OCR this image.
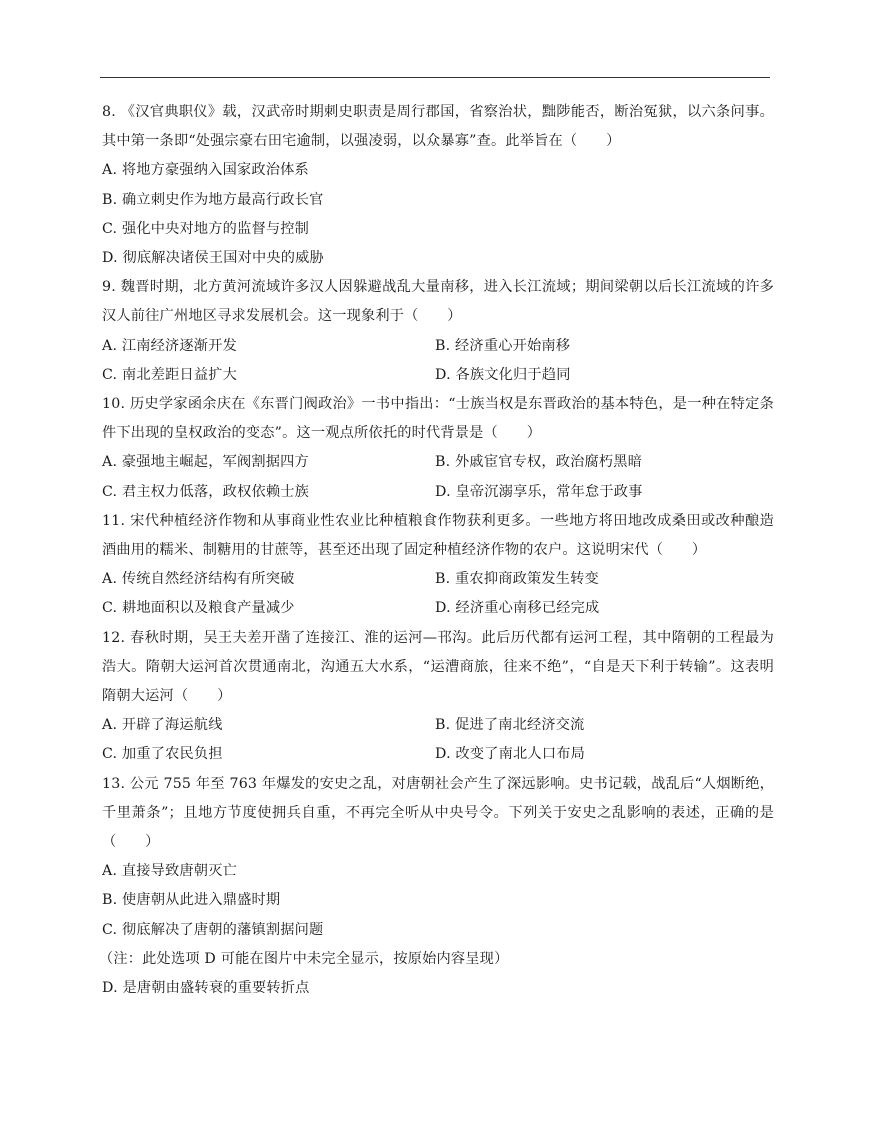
8. 《汉官典职仪》载，汉武帝时期刺史职责是周行郡国，省察治状，黜陟能否，断治冤狱，以六条问事。其中第一条即“处强宗豪右田宅逾制，以强凌弱，以众暴寡”查。此举旨在（　　）

A. 将地方豪强纳入国家政治体系

B. 确立刺史作为地方最高行政长官

C. 强化中央对地方的监督与控制

D. 彻底解决诸侯王国对中央的威胁

9. 魏晋时期，北方黄河流域许多汉人因躲避战乱大量南移，进入长江流域；期间梁朝以后长江流域的许多汉人前往广州地区寻求发展机会。这一现象利于（　　）

A. 江南经济逐渐开发	B. 经济重心开始南移

C. 南北差距日益扩大	D. 各族文化归于趋同

10. 历史学家函余庆在《东晋门阀政治》一书中指出：“士族当权是东晋政治的基本特色，是一种在特定条件下出现的皇权政治的变态”。这一观点所依托的时代背景是（　　）

A. 豪强地主崛起，军阀割据四方	B. 外戚宦官专权，政治腐朽黑暗

C. 君主权力低落，政权依赖士族	D. 皇帝沉溺享乐，常年怠于政事

11. 宋代种植经济作物和从事商业性农业比种植粮食作物获利更多。一些地方将田地改成桑田或改种酿造酒曲用的糯米、制糖用的甘蔗等，甚至还出现了固定种植经济作物的农户。这说明宋代（　　）

A. 传统自然经济结构有所突破	B. 重农抑商政策发生转变

C. 耕地面积以及粮食产量减少	D. 经济重心南移已经完成

12. 春秋时期，吴王夫差开凿了连接江、淮的运河—邗沟。此后历代都有运河工程，其中隋朝的工程最为浩大。隋朝大运河首次贯通南北，沟通五大水系，“运漕商旅，往来不绝”，“自是天下利于转输”。这表明隋朝大运河（　　）

A. 开辟了海运航线	B. 促进了南北经济交流

C. 加重了农民负担	D. 改变了南北人口布局

13. 公元 755 年至 763 年爆发的安史之乱，对唐朝社会产生了深远影响。史书记载，战乱后“人烟断绝，千里萧条”；且地方节度使拥兵自重，不再完全听从中央号令。下列关于安史之乱影响的表述，正确的是（　　）

A. 直接导致唐朝灭亡

B. 使唐朝从此进入鼎盛时期

C. 彻底解决了唐朝的藩镇割据问题

（注：此处选项 D 可能在图片中未完全显示，按原始内容呈现）

D. 是唐朝由盛转衰的重要转折点
